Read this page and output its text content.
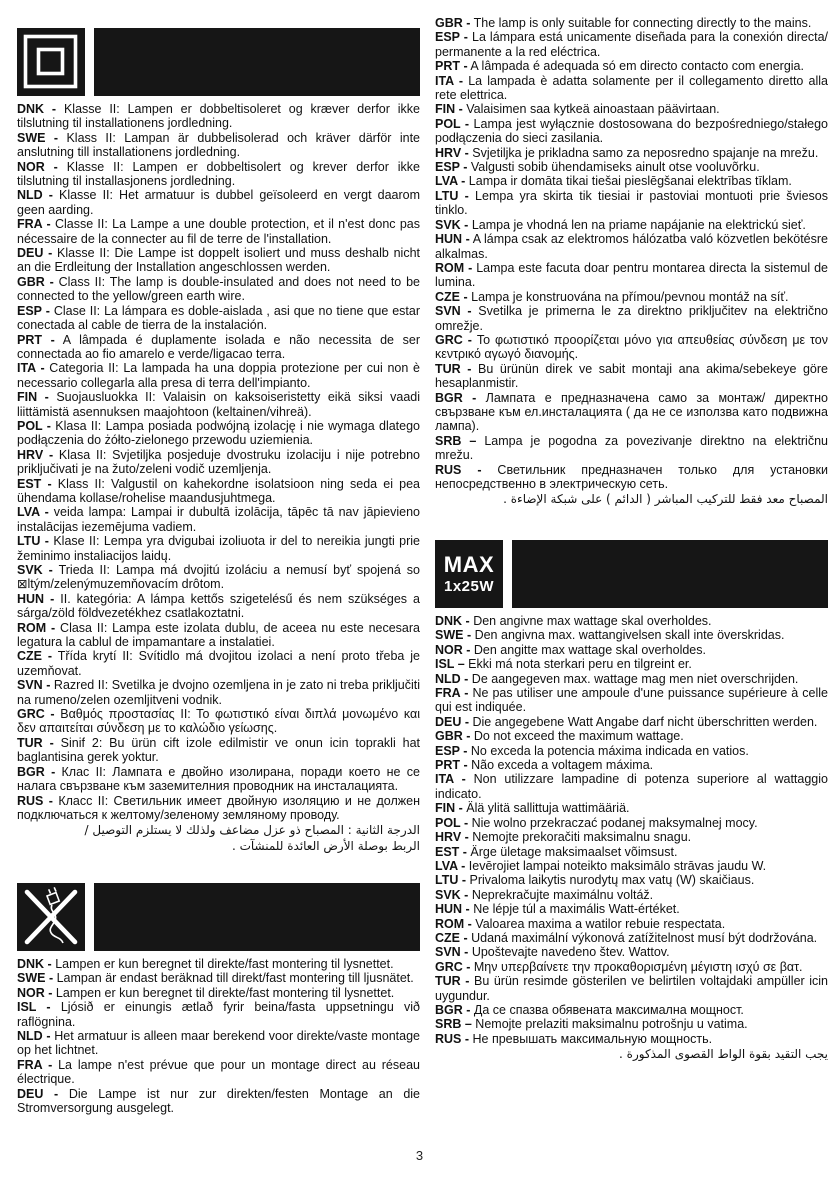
DNK - Klasse II: Lampen er dobbeltisoleret og kræver derfor ikke tilslutning til installationens jordledning.

SWE - Klass II: Lampan är dubbelisolerad och kräver därför inte anslutning till installationens jordledning.

NOR - Klasse II: Lampen er dobbeltisolert og krever derfor ikke tilslutning til installasjonens jordledning.

NLD - Klasse II: Het armatuur is dubbel geïsoleerd en vergt daarom geen aarding.

FRA - Classe II: La Lampe a une double protection, et il n'est donc pas nécessaire de la connecter au fil de terre de l'installation.

DEU - Klasse II: Die Lampe ist doppelt isoliert und muss deshalb nicht an die Erdleitung der Installation angeschlossen werden.

GBR - Class II: The lamp is double-insulated and does not need to be connected to the yellow/green earth wire.

ESP - Clase II: La lámpara es doble-aislada , asi que no tiene que estar conectada al cable de tierra de la instalación.

PRT - A lâmpada é duplamente isolada e não necessita de ser connectada ao fio amarelo e verde/ligacao terra.

ITA - Categoria II: La lampada ha una doppia protezione per cui non è necessario collegarla alla presa di terra dell'impianto.

FIN - Suojausluokka II: Valaisin on kaksoiseristetty eikä siksi vaadi liittämistä asennuksen maajohtoon (keltainen/vihreä).

POL - Klasa II: Lampa posiada podwójną izolację i nie wymaga dlatego podłączenia do żółto-zielonego przewodu uziemienia.

HRV - Klasa II: Svjetiljka posjeduje dvostruku izolaciju i nije potrebno priključivati je na žuto/zeleni vodič uzemljenja.

EST - Klass II: Valgustil on kahekordne isolatsioon ning seda ei pea ühendama kollase/rohelise maandusjuhtmega.

LVA - veida lampa: Lampai ir dubultā izolācija, tāpēc tā nav jāpievieno instalācijas iezemējuma vadiem.

LTU - Klase II: Lempa yra dvigubai izoliuota ir del to nereikia jungti prie žeminimo instaliacijos laidų.

SVK - Trieda II: Lampa má dvojitú izoláciu a nemusí byť spojená so ⊠ltým/zelenýmuzemňovacím drôtom.

HUN - II. kategória: A lámpa kettős szigetelésű és nem szükséges a sárga/zöld földvezetékhez csatlakoztatni.

ROM - Clasa II: Lampa este izolata dublu, de aceea nu este necesara legatura la cablul de impamantare a instalatiei.

CZE - Třída krytí II: Svítidlo má dvojitou izolaci a není proto třeba je uzemňovat.

SVN - Razred II: Svetilka je dvojno ozemljena in je zato ni treba priključiti na rumeno/zelen ozemljitveni vodnik.

GRC - Βαθμός προστασίας ΙΙ: Το φωτιστικό είναι διπλά μονωμένο και δεν απαιτείται σύνδεση με το καλώδιο γείωσης.

TUR - Sinif 2: Bu ürün cift izole edilmistir ve onun icin toprakli hat baglantisina gerek yoktur.

BGR - Клас II: Лампата е двойно изолирана, поради което не се налага свързване към заземителния проводник на инсталацията.

RUS - Класс II: Светильник имеет двойную изоляцию и не должен подключаться к желтому/зеленому земляному проводу.

الدرجة الثانية : المصباح ذو عزل مضاعف ولذلك لا يستلزم التوصيل /

الربط بوصلة الأرض العائدة للمنشآت .

DNK - Lampen er kun beregnet til direkte/fast montering til lysnettet.

SWE - Lampan är endast beräknad till direkt/fast montering till ljusnätet.

NOR - Lampen er kun beregnet til direkte/fast montering til lysnettet.

ISL - Ljósið er einungis ætlað fyrir beina/fasta uppsetningu við raflögnina.

NLD - Het armatuur is alleen maar berekend voor direkte/vaste montage op het lichtnet.

FRA - La lampe n'est prévue que pour un montage direct au réseau électrique.

DEU - Die Lampe ist nur zur direkten/festen Montage an die Stromversorgung ausgelegt.

GBR - The lamp is only suitable for connecting directly to the mains.

ESP - La lámpara está unicamente diseñada para la conexión directa/ permanente a la red eléctrica.

PRT - A lâmpada é adequada só em directo contacto com energia.

ITA - La lampada è adatta solamente per il collegamento diretto alla rete elettrica.

FIN - Valaisimen saa kytkeä ainoastaan päävirtaan.

POL - Lampa jest wyłącznie dostosowana do bezpośredniego/stałego podłączenia do sieci zasilania.

HRV - Svjetiljka je prikladna samo za neposredno spajanje na mrežu.

ESP - Valgusti sobib ühendamiseks ainult otse vooluvõrku.

LVA - Lampa ir domāta tikai tiešai pieslēgšanai elektrības tīklam.

LTU - Lempa yra skirta tik tiesiai ir pastoviai montuoti prie šviesos tinklo.

SVK - Lampa je vhodná len na priame napájanie na elektrickú sieť.

HUN - A lámpa csak az elektromos hálózatba való közvetlen bekötésre alkalmas.

ROM - Lampa este facuta doar pentru montarea directa la sistemul de lumina.

CZE - Lampa je konstruována na přímou/pevnou montáž na síť.

SVN - Svetilka je primerna le za direktno priključitev na električno omrežje.

GRC - Το φωτιστικό προορίζεται μόνο για απευθείας σύνδεση με τον κεντρικό αγωγό διανομής.

TUR - Bu ürünün direk ve sabit montaji ana akima/sebekeye göre hesaplanmistir.

BGR - Лампата е предназначена само за монтаж/ директно свързване към ел.инсталацията ( да не се използва като подвижна лампа).

SRB – Lampa je pogodna za povezivanje direktno na električnu mrežu.

RUS - Светильник предназначен только для установки непосредственно в электрическую сеть.

المصباح معد فقط للتركيب المباشر ( الدائم ) على شبكة الإضاءة .

MAX
1x25W

DNK - Den angivne max wattage skal overholdes.

SWE - Den angivna max. wattangivelsen skall inte överskridas.

NOR - Den angitte max wattage skal overholdes.

ISL – Ekki má nota sterkari peru en tilgreint er.

NLD - De aangegeven max. wattage mag men niet overschrijden.

FRA - Ne pas utiliser une ampoule d'une puissance supérieure à celle qui est indiquée.

DEU - Die angegebene Watt Angabe darf nicht überschritten werden.

GBR - Do not exceed the maximum wattage.

ESP - No exceda la potencia máxima indicada en vatios.

PRT - Não exceda a voltagem máxima.

ITA - Non utilizzare lampadine di potenza superiore al wattaggio indicato.

FIN - Älä ylitä sallittuja wattimääriä.

POL - Nie wolno przekraczać podanej maksymalnej mocy.

HRV - Nemojte prekoračiti maksimalnu snagu.

EST - Ärge ületage maksimaalset võimsust.

LVA - Ievērojiet lampai noteikto maksimālo strāvas jaudu W.

LTU - Privaloma laikytis nurodytų max vatų (W) skaičiaus.

SVK - Neprekračujte maximálnu voltáž.

HUN - Ne lépje túl a maximális Watt-értéket.

ROM - Valoarea maxima a watilor rebuie respectata.

CZE - Udaná maximální výkonová zatížitelnost musí být dodržována.

SVN - Upoštevajte navedeno štev. Wattov.

GRC - Μην υπερβαίνετε την προκαθορισμένη μέγιστη ισχύ σε βατ.

TUR - Bu ürün resimde gösterilen ve belirtilen voltajdaki ampüller icin uygundur.

BGR - Да се спазва обявената максимална мощност.

SRB – Nemojte prelaziti maksimalnu potrošnju u vatima.

RUS - Не превышать максимальную мощность.

يجب التقيد بقوة الواط القصوى المذكورة .

3
